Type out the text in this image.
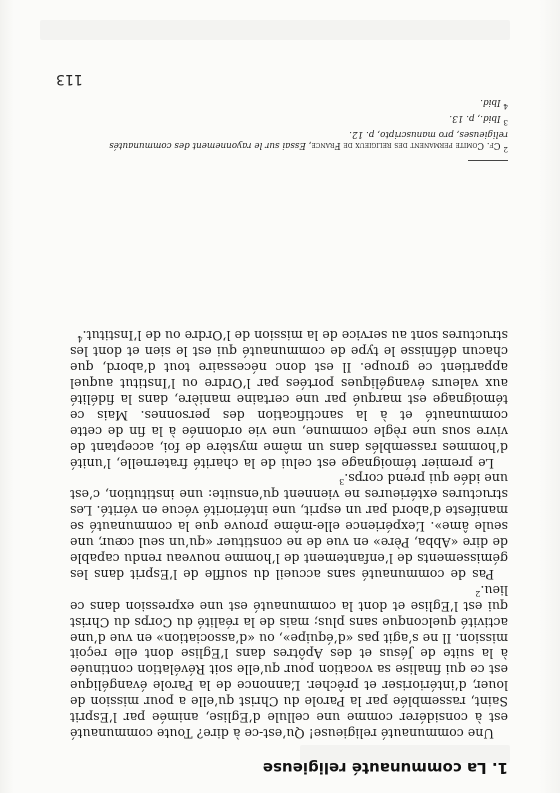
1. La communauté religieuse

Une communauté religieuse! Qu’est-ce à dire? Toute communauté est à considérer comme une cellule d’Eglise, animée par l’Esprit Saint, rassemblée par la Parole du Christ qu’elle a pour mission de louer, d’intérioriser et prêcher. L’annonce de la Parole évangélique est ce qui finalise sa vocation pour qu’elle soit Révélation continuée à la suite de Jésus et des Apôtres dans l’Eglise dont elle reçoit mission. Il ne s’agit pas «d’équipe», ou «d’association» en vue d’une activité quelconque sans plus; mais de la réalité du Corps du Christ qui est l’Eglise et dont la communauté est une expression dans ce lieu.$^2$

Pas de communauté sans accueil du souffle de l’Esprit dans les gémissements de l’enfantement de l’homme nouveau rendu capable de dire «Abba, Père» en vue de ne constituer «qu’un seul cœur, une seule âme». L’expérience elle-même prouve que la communauté se manifeste d’abord par un esprit, une intériorité vécue en vérité. Les structures extérieures ne viennent qu’ensuite: une institution, c’est une idée qui prend corps.$^3$

Le premier témoignage est celui de la charité fraternelle, l’unité d’hommes rassemblés dans un même mystère de foi, acceptant de vivre sous une règle commune, une vie ordonnée à la fin de cette communauté et à la sanctification des personnes. Mais ce témoignage est marqué par une certaine manière, dans la fidélité aux valeurs évangéliques portées par l’Ordre ou l’Institut auquel appartient ce groupe. Il est donc nécessaire tout d’abord, que chacun définisse le type de communauté qui est le sien et dont les structures sont au service de la mission de l’Ordre ou de l’Institut.$^4$

$^2$ Cf. Comite permanent des religieux de France, Essai sur le rayonnement des communautés religieuses, pro manuscripto, p. 12.
$^3$ Ibid., p. 13.
$^4$ Ibid.
113
